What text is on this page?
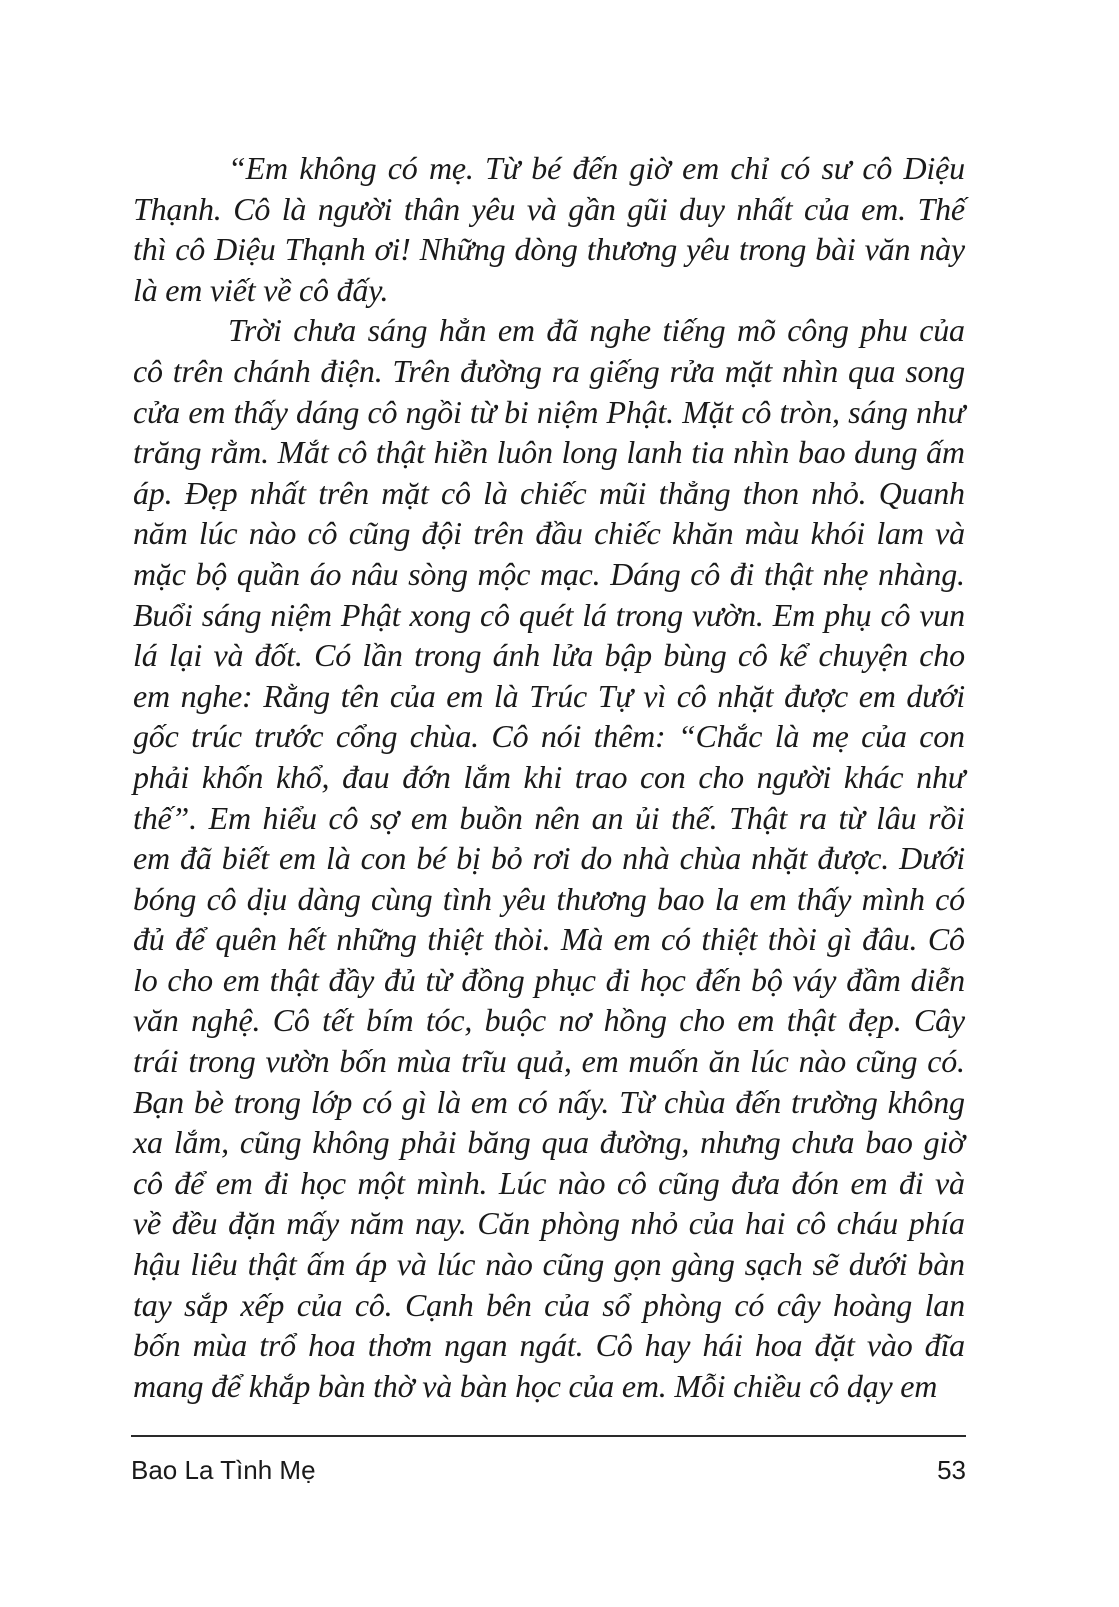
“Em không có mẹ. Từ bé đến giờ em chỉ có sư cô Diệu
Thạnh. Cô là người thân yêu và gần gũi duy nhất của em. Thế
thì cô Diệu Thạnh ơi! Những dòng thương yêu trong bài văn này
là em viết về cô đấy.
Trời chưa sáng hẳn em đã nghe tiếng mõ công phu của
cô trên chánh điện. Trên đường ra giếng rửa mặt nhìn qua song
cửa em thấy dáng cô ngồi từ bi niệm Phật. Mặt cô tròn, sáng như
trăng rằm. Mắt cô thật hiền luôn long lanh tia nhìn bao dung ấm
áp. Đẹp nhất trên mặt cô là chiếc mũi thẳng thon nhỏ. Quanh
năm lúc nào cô cũng đội trên đầu chiếc khăn màu khói lam và
mặc bộ quần áo nâu sòng mộc mạc. Dáng cô đi thật nhẹ nhàng.
Buổi sáng niệm Phật xong cô quét lá trong vườn. Em phụ cô vun
lá lại và đốt. Có lần trong ánh lửa bập bùng cô kể chuyện cho
em nghe: Rằng tên của em là Trúc Tự vì cô nhặt được em dưới
gốc trúc trước cổng chùa. Cô nói thêm: “Chắc là mẹ của con
phải khốn khổ, đau đớn lắm khi trao con cho người khác như
thế”. Em hiểu cô sợ em buồn nên an ủi thế. Thật ra từ lâu rồi
em đã biết em là con bé bị bỏ rơi do nhà chùa nhặt được. Dưới
bóng cô dịu dàng cùng tình yêu thương bao la em thấy mình có
đủ để quên hết những thiệt thòi. Mà em có thiệt thòi gì đâu. Cô
lo cho em thật đầy đủ từ đồng phục đi học đến bộ váy đầm diễn
văn nghệ. Cô tết bím tóc, buộc nơ hồng cho em thật đẹp. Cây
trái trong vườn bốn mùa trĩu quả, em muốn ăn lúc nào cũng có.
Bạn bè trong lớp có gì là em có nấy. Từ chùa đến trường không
xa lắm, cũng không phải băng qua đường, nhưng chưa bao giờ
cô để em đi học một mình. Lúc nào cô cũng đưa đón em đi và
về đều đặn mấy năm nay. Căn phòng nhỏ của hai cô cháu phía
hậu liêu thật ấm áp và lúc nào cũng gọn gàng sạch sẽ dưới bàn
tay sắp xếp của cô. Cạnh bên của sổ phòng có cây hoàng lan
bốn mùa trổ hoa thơm ngan ngát. Cô hay hái hoa đặt vào đĩa
mang để khắp bàn thờ và bàn học của em. Mỗi chiều cô dạy em
Bao La Tình Mẹ	53
